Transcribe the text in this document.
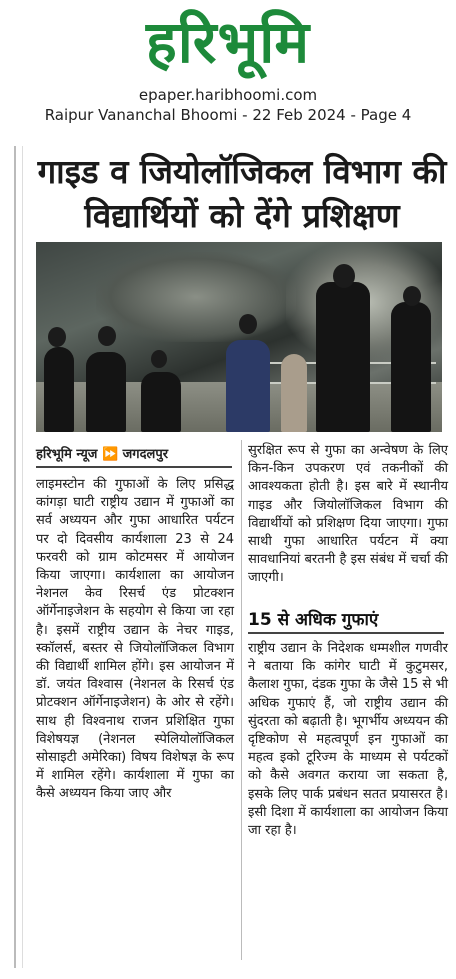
हरिभूमि
epaper.haribhoomi.com
Raipur Vananchal Bhoomi - 22 Feb 2024 - Page 4
गाइड व जियोलॉजिकल विभाग की विद्यार्थियों को देंगे प्रशिक्षण
हरिभूमि न्यूज ⏩ जगदलपुर
लाइमस्टोन की गुफाओं के लिए प्रसिद्ध कांगड़ा घाटी राष्ट्रीय उद्यान में गुफाओं का सर्व अध्ययन और गुफा आधारित पर्यटन पर दो दिवसीय कार्यशाला 23 से 24 फरवरी को ग्राम कोटमसर में आयोजन किया जाएगा। कार्यशाला का आयोजन नेशनल केव रिसर्च एंड प्रोटक्शन ऑर्गेनाइजेशन के सहयोग से किया जा रहा है। इसमें राष्ट्रीय उद्यान के नेचर गाइड, स्कॉलर्स, बस्तर से जियोलॉजिकल विभाग की विद्यार्थी शामिल होंगे। इस आयोजन में डॉ. जयंत विश्वास (नेशनल के रिसर्च एंड प्रोटक्शन ऑर्गेनाइजेशन) के ओर से रहेंगे। साथ ही विश्वनाथ राजन प्रशिक्षित गुफा विशेषयज्ञ (नेशनल स्पेलियोलॉजिकल सोसाइटी अमेरिका) विषय विशेषज्ञ के रूप में शामिल रहेंगे। कार्यशाला में गुफा का कैसे अध्ययन किया जाए और
सुरक्षित रूप से गुफा का अन्वेषण के लिए किन-किन उपकरण एवं तकनीकों की आवश्यकता होती है। इस बारे में स्थानीय गाइड और जियोलॉजिकल विभाग की विद्यार्थीयों को प्रशिक्षण दिया जाएगा। गुफा साथी गुफा आधारित पर्यटन में क्या सावधानियां बरतनी है इस संबंध में चर्चा की जाएगी।
15 से अधिक गुफाएं
राष्ट्रीय उद्यान के निदेशक धम्मशील गणवीर ने बताया कि कांगेर घाटी में कुटुमसर, कैलाश गुफा, दंडक गुफा के जैसे 15 से भी अधिक गुफाएं हैं, जो राष्ट्रीय उद्यान की सुंदरता को बढ़ाती है। भूगर्भीय अध्ययन की दृष्टिकोण से महत्वपूर्ण इन गुफाओं का महत्व इको टूरिज्म के माध्यम से पर्यटकों को कैसे अवगत कराया जा सकता है, इसके लिए पार्क प्रबंधन सतत प्रयासरत है। इसी दिशा में कार्यशाला का आयोजन किया जा रहा है।
